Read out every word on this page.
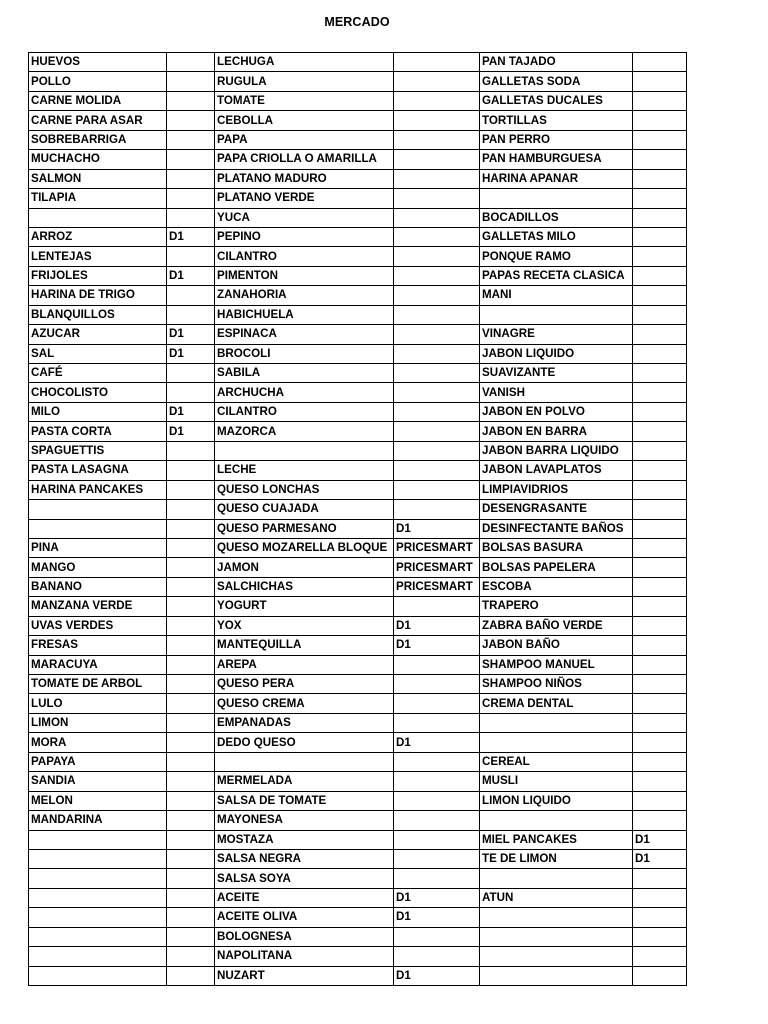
MERCADO
HUEVOS		LECHUGA		PAN TAJADO	
POLLO		RUGULA		GALLETAS SODA	
CARNE MOLIDA		TOMATE		GALLETAS DUCALES	
CARNE PARA ASAR		CEBOLLA		TORTILLAS	
SOBREBARRIGA		PAPA		PAN PERRO	
MUCHACHO		PAPA CRIOLLA O AMARILLA		PAN HAMBURGUESA	
SALMON		PLATANO MADURO		HARINA APANAR	
TILAPIA		PLATANO VERDE			
		YUCA		BOCADILLOS	
ARROZ	D1	PEPINO		GALLETAS MILO	
LENTEJAS		CILANTRO		PONQUE RAMO	
FRIJOLES	D1	PIMENTON		PAPAS RECETA CLASICA	
HARINA DE TRIGO		ZANAHORIA		MANI	
BLANQUILLOS		HABICHUELA			
AZUCAR	D1	ESPINACA		VINAGRE	
SAL	D1	BROCOLI		JABON LIQUIDO	
CAFÉ		SABILA		SUAVIZANTE	
CHOCOLISTO		ARCHUCHA		VANISH	
MILO	D1	CILANTRO		JABON EN POLVO	
PASTA CORTA	D1	MAZORCA		JABON EN BARRA	
SPAGUETTIS				JABON BARRA LIQUIDO	
PASTA LASAGNA		LECHE		JABON LAVAPLATOS	
HARINA PANCAKES		QUESO LONCHAS		LIMPIAVIDRIOS	
		QUESO CUAJADA		DESENGRASANTE	
		QUESO PARMESANO	D1	DESINFECTANTE BAÑOS	
PINA		QUESO MOZARELLA BLOQUE	PRICESMART	BOLSAS BASURA	
MANGO		JAMON	PRICESMART	BOLSAS PAPELERA	
BANANO		SALCHICHAS	PRICESMART	ESCOBA	
MANZANA VERDE		YOGURT		TRAPERO	
UVAS VERDES		YOX	D1	ZABRA BAÑO VERDE	
FRESAS		MANTEQUILLA	D1	JABON BAÑO	
MARACUYA		AREPA		SHAMPOO MANUEL	
TOMATE DE ARBOL		QUESO PERA		SHAMPOO NIÑOS	
LULO		QUESO CREMA		CREMA DENTAL	
LIMON		EMPANADAS			
MORA		DEDO QUESO	D1		
PAPAYA				CEREAL	
SANDIA		MERMELADA		MUSLI	
MELON		SALSA DE TOMATE		LIMON LIQUIDO	
MANDARINA		MAYONESA			
		MOSTAZA		MIEL PANCAKES	D1
		SALSA NEGRA		TE DE LIMON	D1
		SALSA SOYA			
		ACEITE	D1	ATUN	
		ACEITE OLIVA	D1		
		BOLOGNESA			
		NAPOLITANA			
		NUZART	D1		
